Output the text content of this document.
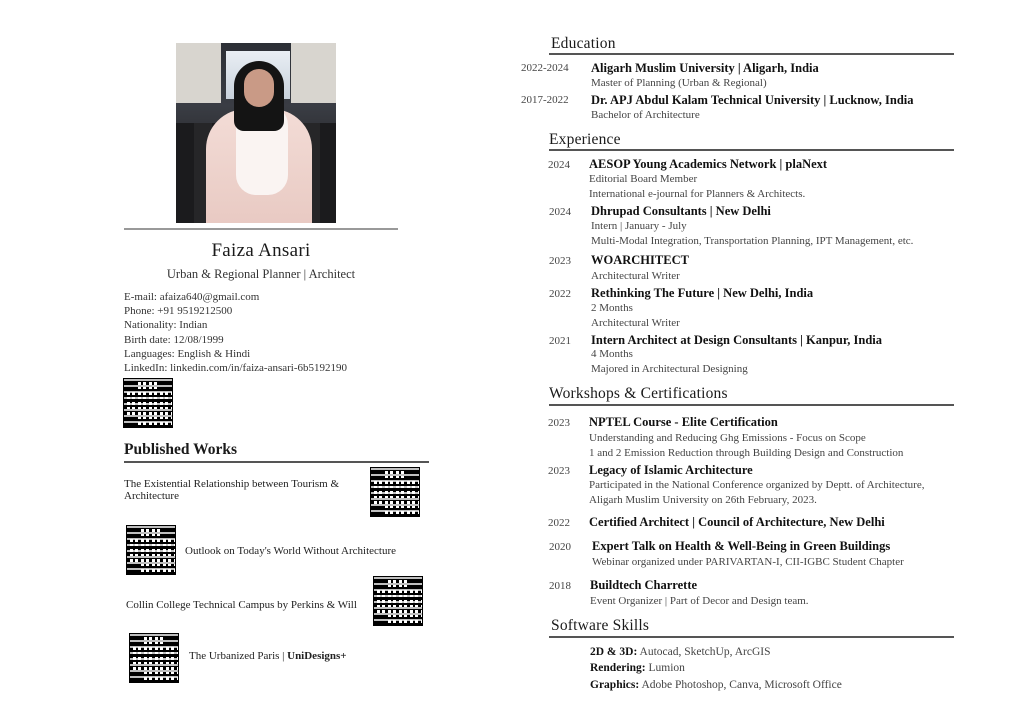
Faiza Ansari
Urban & Regional Planner | Architect
E-mail: afaiza640@gmail.com
Phone: +91 9519212500
Nationality: Indian
Birth date: 12/08/1999
Languages: English & Hindi
LinkedIn: linkedin.com/in/faiza-ansari-6b5192190
Published Works
The Existential Relationship between Tourism &
Architecture
Outlook on Today's World Without Architecture
Collin College Technical Campus by Perkins & Will
The Urbanized Paris | UniDesigns+
Education
2022-2024 Aligarh Muslim University | Aligarh, India
Master of Planning (Urban & Regional)
2017-2022 Dr. APJ Abdul Kalam Technical University | Lucknow, India
Bachelor of Architecture
Experience
2024 AESOP Young Academics Network | plaNext
Editorial Board Member
International e-journal for Planners & Architects.
2024 Dhrupad Consultants | New Delhi
Intern | January - July
Multi-Modal Integration, Transportation Planning, IPT Management, etc.
2023 WOARCHITECT
Architectural Writer
2022 Rethinking The Future | New Delhi, India
2 Months
Architectural Writer
2021 Intern Architect at Design Consultants | Kanpur, India
4 Months
Majored in Architectural Designing
Workshops & Certifications
2023 NPTEL Course - Elite Certification
Understanding and Reducing Ghg Emissions - Focus on Scope
1 and 2 Emission Reduction through Building Design and Construction
2023 Legacy of Islamic Architecture
Participated in the National Conference organized by Deptt. of Architecture,
Aligarh Muslim University on 26th February, 2023.
2022 Certified Architect | Council of Architecture, New Delhi
2020 Expert Talk on Health & Well-Being in Green Buildings
Webinar organized under PARIVARTAN-I, CII-IGBC Student Chapter
2018 Buildtech Charrette
Event Organizer | Part of Decor and Design team.
Software Skills
2D & 3D: Autocad, SketchUp, ArcGIS
Rendering: Lumion
Graphics: Adobe Photoshop, Canva, Microsoft Office
